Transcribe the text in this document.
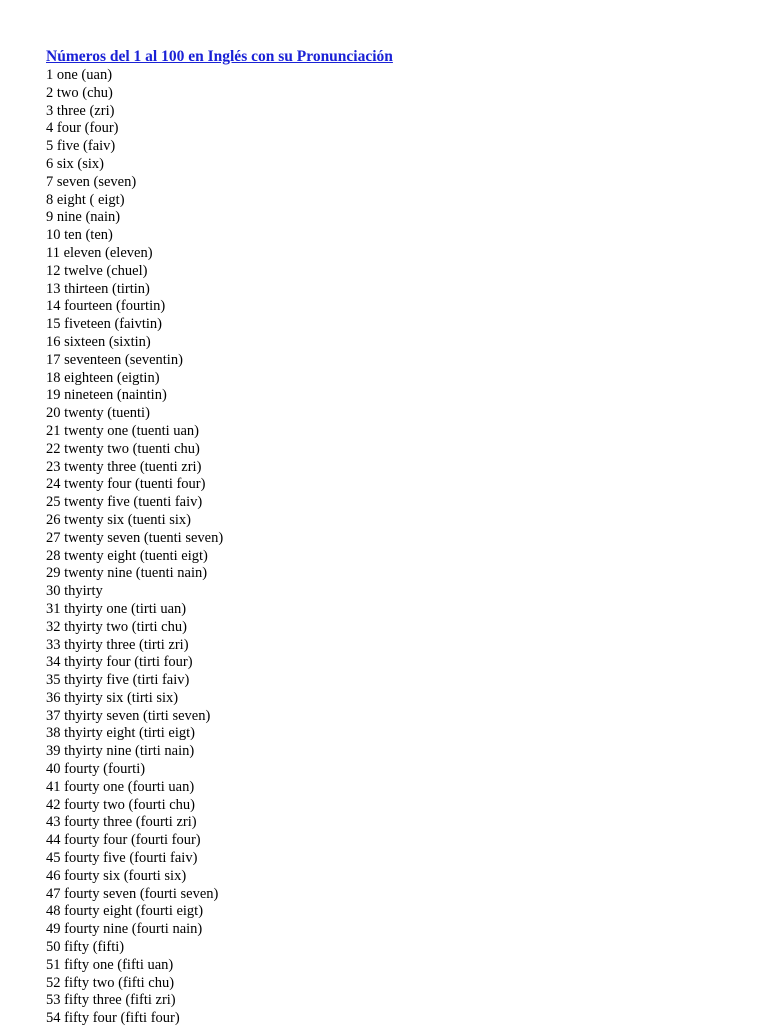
Números del 1 al 100 en Inglés con su Pronunciación
1 one (uan)
2 two (chu)
3 three (zri)
4 four (four)
5 five (faiv)
6 six (six)
7 seven (seven)
8 eight ( eigt)
9 nine (nain)
10 ten (ten)
11 eleven (eleven)
12 twelve (chuel)
13 thirteen (tirtin)
14 fourteen (fourtin)
15 fiveteen (faivtin)
16 sixteen (sixtin)
17 seventeen (seventin)
18 eighteen (eigtin)
19 nineteen (naintin)
20 twenty (tuenti)
21 twenty one (tuenti uan)
22 twenty two (tuenti chu)
23 twenty three (tuenti zri)
24 twenty four (tuenti four)
25 twenty five (tuenti faiv)
26 twenty six (tuenti six)
27 twenty seven (tuenti seven)
28 twenty eight (tuenti eigt)
29 twenty nine (tuenti nain)
30 thyirty
31 thyirty one (tirti uan)
32 thyirty two (tirti chu)
33 thyirty three (tirti zri)
34 thyirty four (tirti four)
35 thyirty five (tirti faiv)
36 thyirty six (tirti six)
37 thyirty seven (tirti seven)
38 thyirty eight (tirti eigt)
39 thyirty nine (tirti nain)
40 fourty (fourti)
41 fourty one (fourti uan)
42 fourty two (fourti chu)
43 fourty three (fourti zri)
44 fourty four (fourti four)
45 fourty five (fourti faiv)
46 fourty six (fourti six)
47 fourty seven (fourti seven)
48 fourty eight (fourti eigt)
49 fourty nine (fourti nain)
50 fifty (fifti)
51 fifty one (fifti uan)
52 fifty two (fifti chu)
53 fifty three (fifti zri)
54 fifty four (fifti four)
